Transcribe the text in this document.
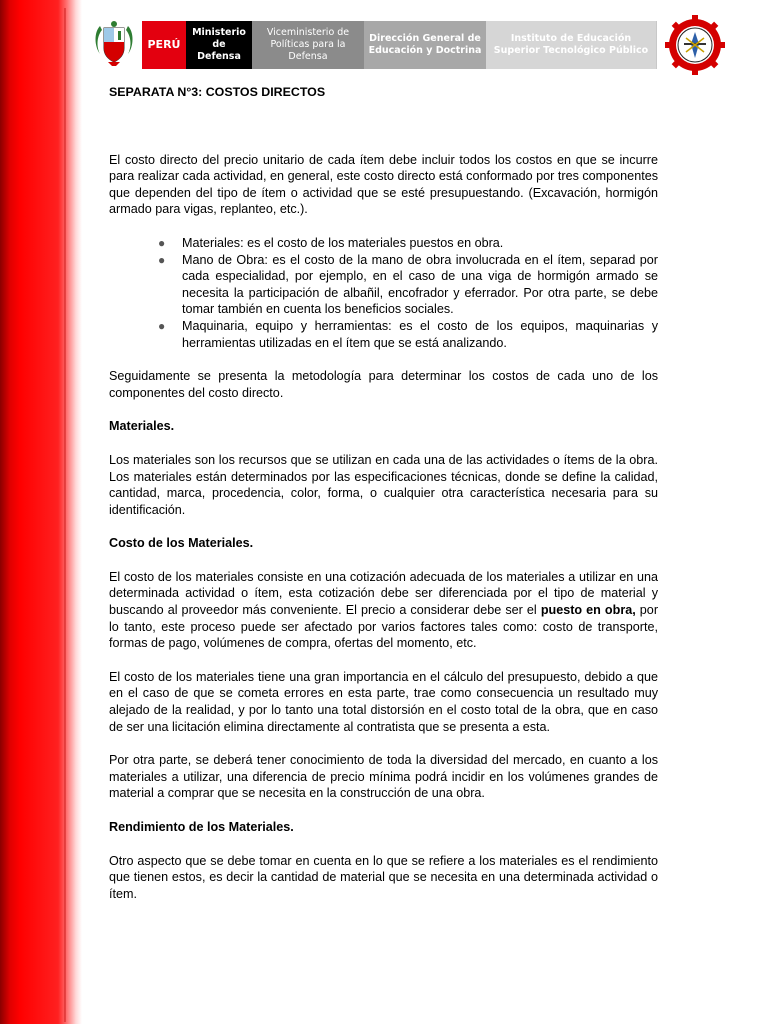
PERÚ
Ministerio de Defensa
Viceministerio de Políticas para la Defensa
Dirección General de Educación y Doctrina
Instituto de Educación Superior Tecnológico Público

SEPARATA N°3: COSTOS DIRECTOS

El costo directo del precio unitario de cada ítem debe incluir todos los costos en que se incurre para realizar cada actividad, en general, este costo directo está conformado por tres componentes que dependen del tipo de ítem o actividad que se esté presupuestando. (Excavación, hormigón armado para vigas, replanteo, etc.).

● Materiales: es el costo de los materiales puestos en obra.
● Mano de Obra: es el costo de la mano de obra involucrada en el ítem, separad por cada especialidad, por ejemplo, en el caso de una viga de hormigón armado se necesita la participación de albañil, encofrador y eferrador. Por otra parte, se debe tomar también en cuenta los beneficios sociales.
● Maquinaria, equipo y herramientas: es el costo de los equipos, maquinarias y herramientas utilizadas en el ítem que se está analizando.

Seguidamente se presenta la metodología para determinar los costos de cada uno de los componentes del costo directo.

Materiales.

Los materiales son los recursos que se utilizan en cada una de las actividades o ítems de la obra. Los materiales están determinados por las especificaciones técnicas, donde se define la calidad, cantidad, marca, procedencia, color, forma, o cualquier otra característica necesaria para su identificación.

Costo de los Materiales.

El costo de los materiales consiste en una cotización adecuada de los materiales a utilizar en una determinada actividad o ítem, esta cotización debe ser diferenciada por el tipo de material y buscando al proveedor más conveniente. El precio a considerar debe ser el puesto en obra, por lo tanto, este proceso puede ser afectado por varios factores tales como: costo de transporte, formas de pago, volúmenes de compra, ofertas del momento, etc.

El costo de los materiales tiene una gran importancia en el cálculo del presupuesto, debido a que en el caso de que se cometa errores en esta parte, trae como consecuencia un resultado muy alejado de la realidad, y por lo tanto una total distorsión en el costo total de la obra, que en caso de ser una licitación elimina directamente al contratista que se presenta a esta.

Por otra parte, se deberá tener conocimiento de toda la diversidad del mercado, en cuanto a los materiales a utilizar, una diferencia de precio mínima podrá incidir en los volúmenes grandes de material a comprar que se necesita en la construcción de una obra.

Rendimiento de los Materiales.

Otro aspecto que se debe tomar en cuenta en lo que se refiere a los materiales es el rendimiento que tienen estos, es decir la cantidad de material que se necesita en una determinada actividad o ítem.
